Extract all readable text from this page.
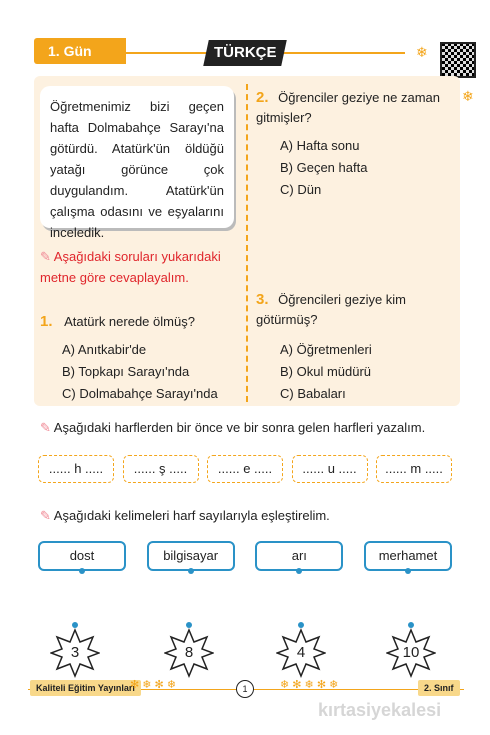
1. Gün	TÜRKÇE	❄
Öğretmenimiz bizi geçen hafta Dolmabahçe Sarayı'na götürdü. Atatürk'ün öldüğü yatağı görünce çok duygulandım. Atatürk'ün çalışma odasını ve eşyalarını inceledik.
❄
✎ Aşağıdaki soruları yukarıdaki metne göre cevaplayalım.
1. Atatürk nerede ölmüş?
A) Anıtkabir'de
B) Topkapı Sarayı'nda
C) Dolmabahçe Sarayı'nda
2. Öğrenciler geziye ne zaman gitmişler?
A) Hafta sonu
B) Geçen hafta
C) Dün
3. Öğrencileri geziye kim götürmüş?
A) Öğretmenleri
B) Okul müdürü
C) Babaları
✎ Aşağıdaki harflerden bir önce ve bir sonra gelen harfleri yazalım.
...... h .....	...... ş .....	...... e .....	...... u .....	...... m .....
✎ Aşağıdaki kelimeleri harf sayılarıyla eşleştirelim.
dost	bilgisayar	arı	merhamet
3	8	4	10
Kaliteli Eğitim Yayınları
✻ ❄ ✻ ❄	1	❄ ✻ ❄ ✻ ❄	2. Sınıf
kırtasiyekalesi
